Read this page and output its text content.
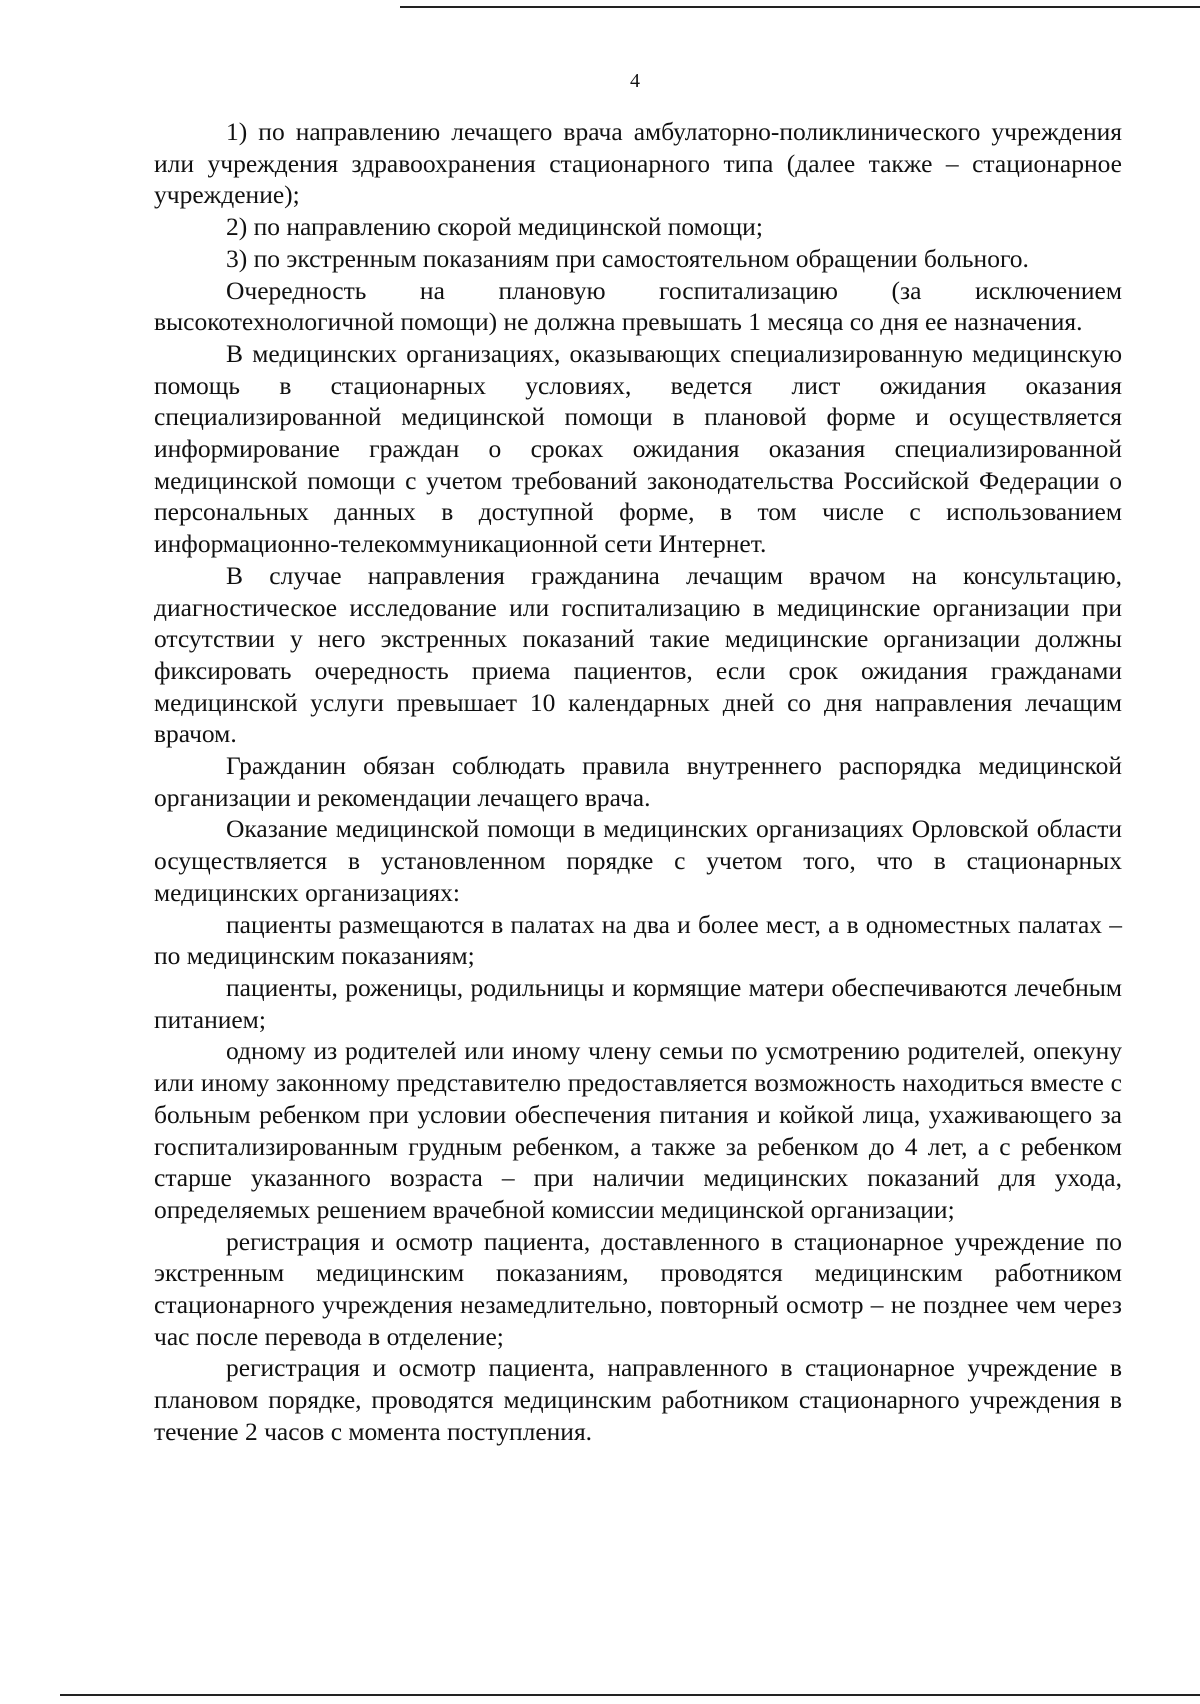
4

1) по направлению лечащего врача амбулаторно-поликлинического учреждения или учреждения здравоохранения стационарного типа (далее также – стационарное учреждение);

2) по направлению скорой медицинской помощи;

3) по экстренным показаниям при самостоятельном обращении больного.

Очередность на плановую госпитализацию (за исключением высокотехнологичной помощи) не должна превышать 1 месяца со дня ее назначения.

В медицинских организациях, оказывающих специализированную медицинскую помощь в стационарных условиях, ведется лист ожидания оказания специализированной медицинской помощи в плановой форме и осуществляется информирование граждан о сроках ожидания оказания специализированной медицинской помощи с учетом требований законодательства Российской Федерации о персональных данных в доступной форме, в том числе с использованием информационно-телекоммуникационной сети Интернет.

В случае направления гражданина лечащим врачом на консультацию, диагностическое исследование или госпитализацию в медицинские организации при отсутствии у него экстренных показаний такие медицинские организации должны фиксировать очередность приема пациентов, если срок ожидания гражданами медицинской услуги превышает 10 календарных дней со дня направления лечащим врачом.

Гражданин обязан соблюдать правила внутреннего распорядка медицинской организации и рекомендации лечащего врача.

Оказание медицинской помощи в медицинских организациях Орловской области осуществляется в установленном порядке с учетом того, что в стационарных медицинских организациях:

пациенты размещаются в палатах на два и более мест, а в одноместных палатах – по медицинским показаниям;

пациенты, роженицы, родильницы и кормящие матери обеспечиваются лечебным питанием;

одному из родителей или иному члену семьи по усмотрению родителей, опекуну или иному законному представителю предоставляется возможность находиться вместе с больным ребенком при условии обеспечения питания и койкой лица, ухаживающего за госпитализированным грудным ребенком, а также за ребенком до 4 лет, а с ребенком старше указанного возраста – при наличии медицинских показаний для ухода, определяемых решением врачебной комиссии медицинской организации;

регистрация и осмотр пациента, доставленного в стационарное учреждение по экстренным медицинским показаниям, проводятся медицинским работником стационарного учреждения незамедлительно, повторный осмотр – не позднее чем через час после перевода в отделение;

регистрация и осмотр пациента, направленного в стационарное учреждение в плановом порядке, проводятся медицинским работником стационарного учреждения в течение 2 часов с момента поступления.
